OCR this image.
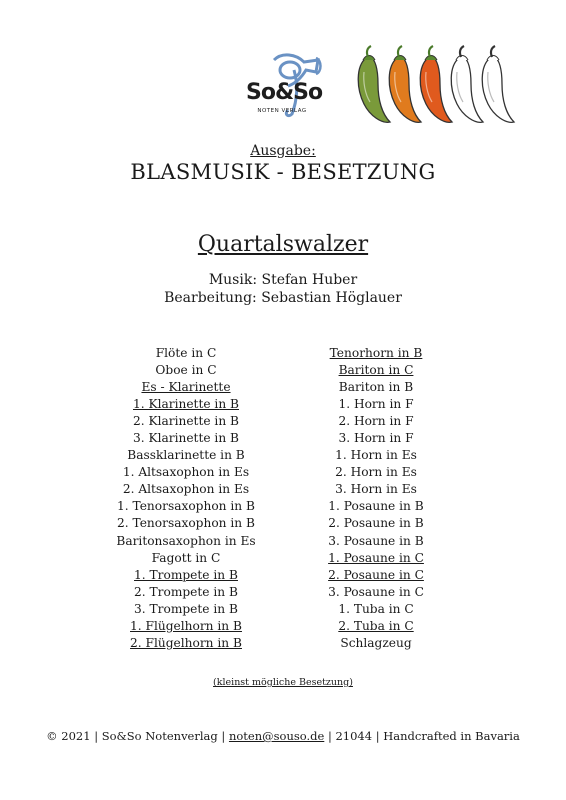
So&So
NOTEN VERLAG
Ausgabe:
BLASMUSIK - BESETZUNG
Quartalswalzer
Musik: Stefan Huber
Bearbeitung: Sebastian Höglauer
Flöte in C
Oboe in C
Es - Klarinette
1. Klarinette in B
2. Klarinette in B
3. Klarinette in B
Bassklarinette in B
1. Altsaxophon in Es
2. Altsaxophon in Es
1. Tenorsaxophon in B
2. Tenorsaxophon in B
Baritonsaxophon in Es
Fagott in C
1. Trompete in B
2. Trompete in B
3. Trompete in B
1. Flügelhorn in B
2. Flügelhorn in B
Tenorhorn in B
Bariton in C
Bariton in B
1. Horn in F
2. Horn in F
3. Horn in F
1. Horn in Es
2. Horn in Es
3. Horn in Es
1. Posaune in B
2. Posaune in B
3. Posaune in B
1. Posaune in C
2. Posaune in C
3. Posaune in C
1. Tuba in C
2. Tuba in C
Schlagzeug
(kleinst mögliche Besetzung)
© 2021 | So&So Notenverlag | noten@souso.de | 21044 | Handcrafted in Bavaria
